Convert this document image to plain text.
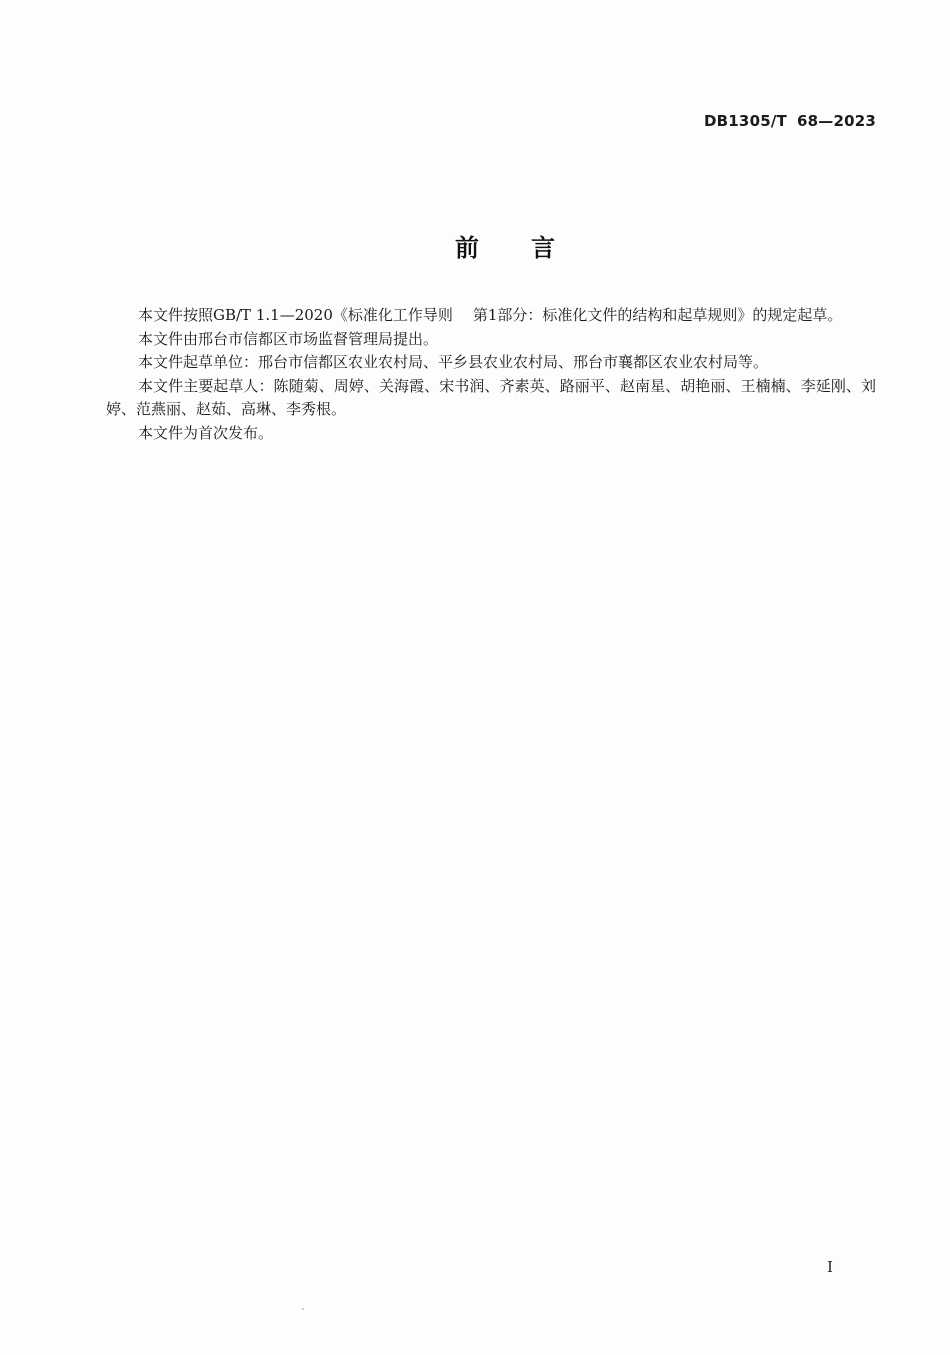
DB1305/T 68—2023
前 言

本文件按照GB/T 1.1—2020《标准化工作导则 第1部分：标准化文件的结构和起草规则》的规定起草。

本文件由邢台市信都区市场监督管理局提出。

本文件起草单位：邢台市信都区农业农村局、平乡县农业农村局、邢台市襄都区农业农村局等。

本文件主要起草人：陈随菊、周婷、关海霞、宋书润、齐素英、路丽平、赵南星、胡艳丽、王楠楠、李延刚、刘婷、范燕丽、赵茹、高琳、李秀根。

本文件为首次发布。

I
